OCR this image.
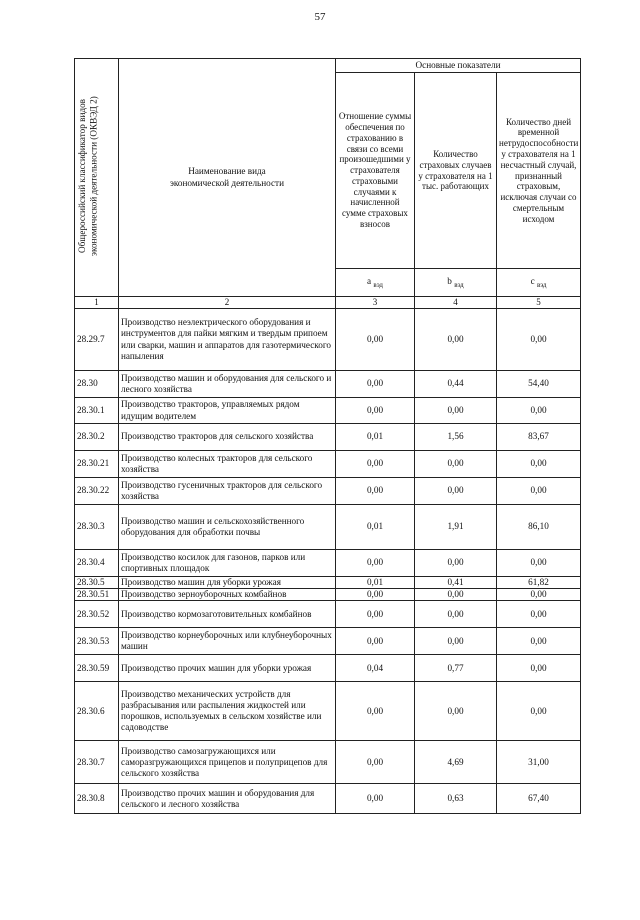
57
Общероссийский классификатор видов экономической деятельности (ОКВЭД 2)	Наименование вида экономической деятельности	Основные показатели		
		Отношение суммы обеспечения по страхованию в связи со всеми произошедшими у страхователя страховыми случаями к начисленной сумме страховых взносов	Количество страховых случаев у страхователя на 1 тыс. работающих	Количество дней временной нетрудоспособности у страхователя на 1 несчастный случай, признанный страховым, исключая случаи со смертельным исходом
		a $_{вэд}$	b $_{вэд}$	c $_{вэд}$
1	2	3	4	5
28.29.7	Производство неэлектрического оборудования и инструментов для пайки мягким и твердым припоем или сварки, машин и аппаратов для газотермического напыления	0,00	0,00	0,00
28.30	Производство машин и оборудования для сельского и лесного хозяйства	0,00	0,44	54,40
28.30.1	Производство тракторов, управляемых рядом идущим водителем	0,00	0,00	0,00
28.30.2	Производство тракторов для сельского хозяйства	0,01	1,56	83,67
28.30.21	Производство колесных тракторов для сельского хозяйства	0,00	0,00	0,00
28.30.22	Производство гусеничных тракторов для сельского хозяйства	0,00	0,00	0,00
28.30.3	Производство машин и сельскохозяйственного оборудования для обработки почвы	0,01	1,91	86,10
28.30.4	Производство косилок для газонов, парков или спортивных площадок	0,00	0,00	0,00
28.30.5	Производство машин для уборки урожая	0,01	0,41	61,82
28.30.51	Производство зерноуборочных комбайнов	0,00	0,00	0,00
28.30.52	Производство кормозаготовительных комбайнов	0,00	0,00	0,00
28.30.53	Производство корнеуборочных или клубнеуборочных машин	0,00	0,00	0,00
28.30.59	Производство прочих машин для уборки урожая	0,04	0,77	0,00
28.30.6	Производство механических устройств для разбрасывания или распыления жидкостей или порошков, используемых в сельском хозяйстве или садоводстве	0,00	0,00	0,00
28.30.7	Производство самозагружающихся или саморазгружающихся прицепов и полуприцепов для сельского хозяйства	0,00	4,69	31,00
28.30.8	Производство прочих машин и оборудования для сельского и лесного хозяйства	0,00	0,63	67,40
